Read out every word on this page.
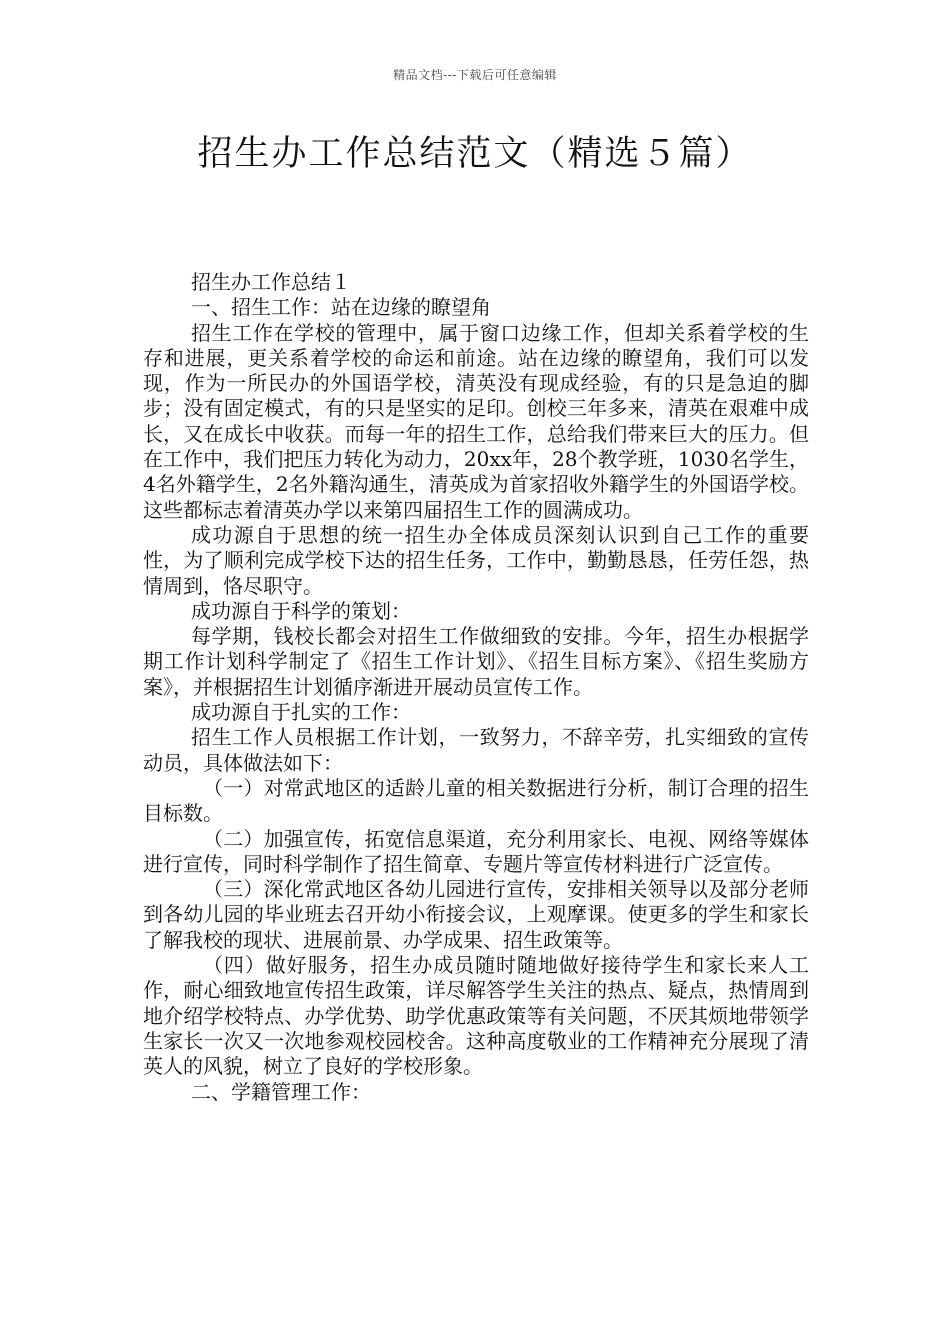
精品文档---下载后可任意编辑
招生办工作总结范文（精选５篇）

招生办工作总结１

一、招生工作：站在边缘的瞭望角

招生工作在学校的管理中，属于窗口边缘工作，但却关系着学校的生存和进展，更关系着学校的命运和前途。站在边缘的瞭望角，我们可以发现，作为一所民办的外国语学校，清英没有现成经验，有的只是急迫的脚步；没有固定模式，有的只是坚实的足印。创校三年多来，清英在艰难中成长，又在成长中收获。而每一年的招生工作，总给我们带来巨大的压力。但在工作中，我们把压力转化为动力，20xx年，28个教学班，1030名学生，4名外籍学生，2名外籍沟通生，清英成为首家招收外籍学生的外国语学校。这些都标志着清英办学以来第四届招生工作的圆满成功。

成功源自于思想的统一招生办全体成员深刻认识到自己工作的重要性，为了顺利完成学校下达的招生任务，工作中，勤勤恳恳，任劳任怨，热情周到，恪尽职守。

成功源自于科学的策划：

每学期，钱校长都会对招生工作做细致的安排。今年，招生办根据学期工作计划科学制定了《招生工作计划》、《招生目标方案》、《招生奖励方案》，并根据招生计划循序渐进开展动员宣传工作。

成功源自于扎实的工作：

招生工作人员根据工作计划，一致努力，不辞辛劳，扎实细致的宣传动员，具体做法如下：

（一）对常武地区的适龄儿童的相关数据进行分析，制订合理的招生目标数。

（二）加强宣传，拓宽信息渠道，充分利用家长、电视、网络等媒体进行宣传，同时科学制作了招生简章、专题片等宣传材料进行广泛宣传。

（三）深化常武地区各幼儿园进行宣传，安排相关领导以及部分老师到各幼儿园的毕业班去召开幼小衔接会议，上观摩课。使更多的学生和家长了解我校的现状、进展前景、办学成果、招生政策等。

（四）做好服务，招生办成员随时随地做好接待学生和家长来人工作，耐心细致地宣传招生政策，详尽解答学生关注的热点、疑点，热情周到地介绍学校特点、办学优势、助学优惠政策等有关问题，不厌其烦地带领学生家长一次又一次地参观校园校舍。这种高度敬业的工作精神充分展现了清英人的风貌，树立了良好的学校形象。

二、学籍管理工作：
